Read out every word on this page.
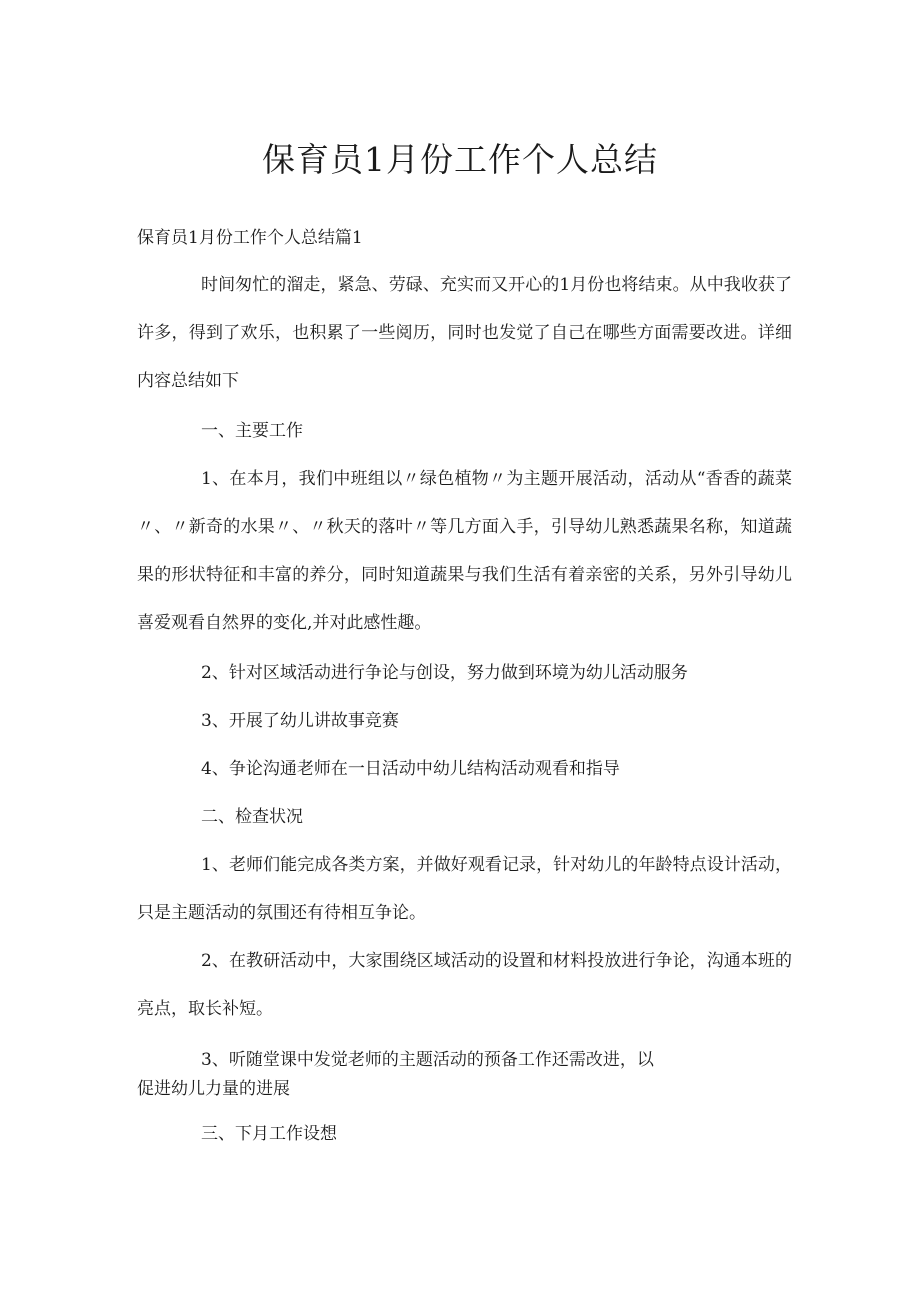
保育员1月份工作个人总结

保育员1月份工作个人总结篇1

时间匆忙的溜走，紧急、劳碌、充实而又开心的1月份也将结束。从中我收获了许多，得到了欢乐，也积累了一些阅历，同时也发觉了自己在哪些方面需要改进。详细内容总结如下

一、主要工作

1、在本月，我们中班组以〃绿色植物〃为主题开展活动，活动从“香香的蔬菜〃、〃新奇的水果〃、〃秋天的落叶〃等几方面入手，引导幼儿熟悉蔬果名称，知道蔬果的形状特征和丰富的养分，同时知道蔬果与我们生活有着亲密的关系，另外引导幼儿喜爱观看自然界的变化,并对此感性趣。

2、针对区域活动进行争论与创设，努力做到环境为幼儿活动服务

3、开展了幼儿讲故事竞赛

4、争论沟通老师在一日活动中幼儿结构活动观看和指导

二、检查状况

1、老师们能完成各类方案，并做好观看记录，针对幼儿的年龄特点设计活动，只是主题活动的氛围还有待相互争论。

2、在教研活动中，大家围绕区域活动的设置和材料投放进行争论，沟通本班的亮点，取长补短。

3、听随堂课中发觉老师的主题活动的预备工作还需改进，以

促进幼儿力量的进展

三、下月工作设想
